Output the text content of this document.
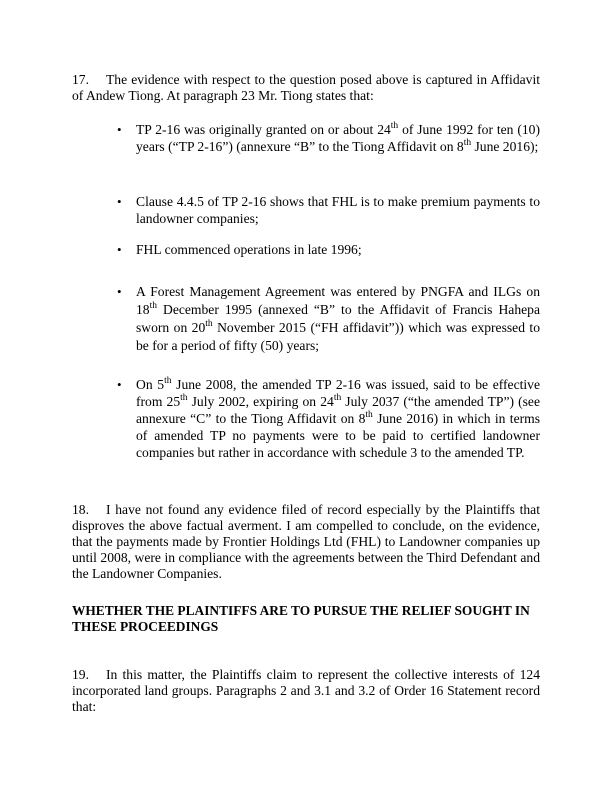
17. The evidence with respect to the question posed above is captured in Affidavit of Andew Tiong. At paragraph 23 Mr. Tiong states that:

•	TP 2-16 was originally granted on or about 24th of June 1992 for ten (10) years (“TP 2-16”) (annexure “B” to the Tiong Affidavit on 8th June 2016);
•	Clause 4.4.5 of TP 2-16 shows that FHL is to make premium payments to landowner companies;
•	FHL commenced operations in late 1996;
•	A Forest Management Agreement was entered by PNGFA and ILGs on 18th December 1995 (annexed “B” to the Affidavit of Francis Hahepa sworn on 20th November 2015 (“FH affidavit”)) which was expressed to be for a period of fifty (50) years;
•	On 5th June 2008, the amended TP 2-16 was issued, said to be effective from 25th July 2002, expiring on 24th July 2037 (“the amended TP”) (see annexure “C” to the Tiong Affidavit on 8th June 2016) in which in terms of amended TP no payments were to be paid to certified landowner companies but rather in accordance with schedule 3 to the amended TP.

18. I have not found any evidence filed of record especially by the Plaintiffs that disproves the above factual averment. I am compelled to conclude, on the evidence, that the payments made by Frontier Holdings Ltd (FHL) to Landowner companies up until 2008, were in compliance with the agreements between the Third Defendant and the Landowner Companies.

WHETHER THE PLAINTIFFS ARE TO PURSUE THE RELIEF SOUGHT IN THESE PROCEEDINGS

19. In this matter, the Plaintiffs claim to represent the collective interests of 124 incorporated land groups. Paragraphs 2 and 3.1 and 3.2 of Order 16 Statement record that:
